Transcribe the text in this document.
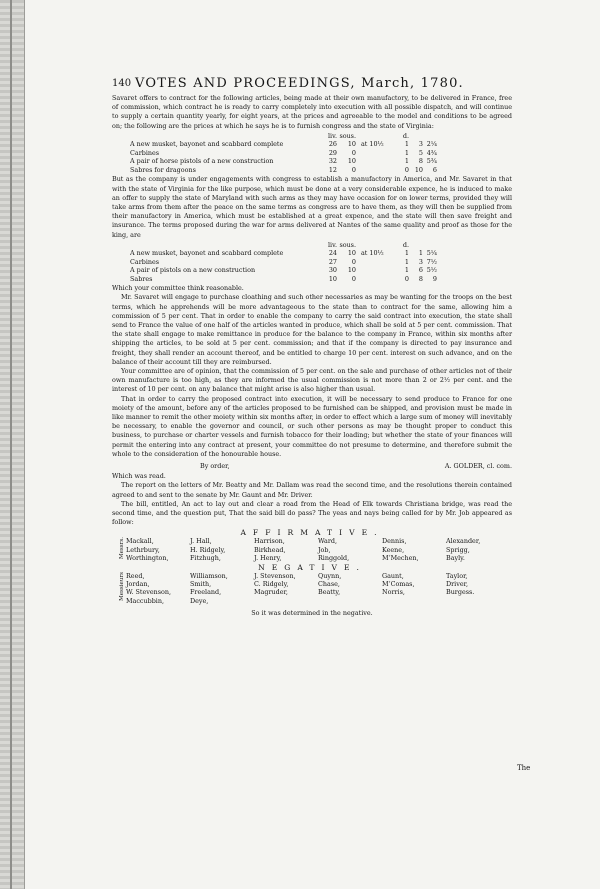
140 VOTES AND PROCEEDINGS, March, 1780.

Savaret offers to contract for the following articles, being made at their own manufactory, to be delivered in France, free of commission, which contract he is ready to carry completely into execution with all possible dispatch, and will continue to supply a certain quantity yearly, for eight years, at the prices and agreeable to the model and conditions to be agreed on; the following are the prices at which he says he is to furnish congress and the state of Virginia:

liv. sous.	d.
A new musket, bayonet and scabbard complete	26	10 at 10½	1	3 2¼
Carbines	29	0	1	5 4¾
A pair of horse pistols of a new construction	32	10	1	8 5¾
Sabres for dragoons	12	0	0 10	6

But as the company is under engagements with congress to establish a manufactory in America, and Mr. Savaret in that with the state of Virginia for the like purpose, which must be done at a very considerable expence, he is induced to make an offer to supply the state of Maryland with such arms as they may have occasion for on lower terms, provided they will take arms from them after the peace on the same terms as congress are to have them, as they will then be supplied from their manufactory in America, which must be established at a great expence, and the state will then save freight and insurance. The terms proposed during the war for arms delivered at Nantes of the same quality and proof as those for the king, are

liv. sous.	d.
A new musket, bayonet and scabbard complete	24	10 at 10½	1	1 5¼
Carbines	27	0	1	3 7½
A pair of pistols on a new construction	30	10	1	6 5½
Sabres	10	0	0	8	9

Which your committee think reasonable.

Mr. Savaret will engage to purchase cloathing and such other necessaries as may be wanting for the troops on the best terms, which he apprehends will be more advantageous to the state than to contract for the same, allowing him a commission of 5 per cent. That in order to enable the company to carry the said contract into execution, the state shall send to France the value of one half of the articles wanted in produce, which shall be sold at 5 per cent. commission. That the state shall engage to make remittance in produce for the balance to the company in France, within six months after shipping the articles, to be sold at 5 per cent. commission; and that if the company is directed to pay insurance and freight, they shall render an account thereof, and be entitled to charge 10 per cent. interest on such advance, and on the balance of their account till they are reimbursed.

Your committee are of opinion, that the commission of 5 per cent. on the sale and purchase of other articles not of their own manufacture is too high, as they are informed the usual commission is not more than 2 or 2½ per cent. and the interest of 10 per cent. on any balance that might arise is also higher than usual.

That in order to carry the proposed contract into execution, it will be necessary to send produce to France for one moiety of the amount, before any of the articles proposed to be furnished can be shipped, and provision must be made in like manner to remit the other moiety within six months after, in order to effect which a large sum of money will inevitably be necessary, to enable the governor and council, or such other persons as may be thought proper to conduct this business, to purchase or charter vessels and furnish tobacco for their loading; but whether the state of your finances will permit the entering into any contract at present, your committee do not presume to determine, and therefore submit the whole to the consideration of the honourable house.

By order,	A. GOLDER, cl. com.

Which was read.

The report on the letters of Mr. Beatty and Mr. Dallam was read the second time, and the resolutions therein contained agreed to and sent to the senate by Mr. Gaunt and Mr. Driver.

The bill, entitled, An act to lay out and clear a road from the Head of Elk towards Christiana bridge, was read the second time, and the question put, That the said bill do pass? The yeas and nays being called for by Mr. Job appeared as follow:

AFFIRMATIVE.
Messrs. Mackall,	J. Hall,	Harrison,	Ward,	Dennis,	Alexander,
Lethrbury,	H. Ridgely,	Birkhead,	Job,	Keene,	Sprigg,
Worthington,	Fitzhugh,	J. Henry,	Ringgold,	M‘Mechen,	Bayly.
NEGATIVE.
Messieurs Reed,	Williamson,	J. Stevenson,	Quynn,	Gaunt,	Taylor,
Jordan,	Smith,	C. Ridgely,	Chase,	M‘Comas,	Driver,
W. Stevenson,	Freeland,	Magruder,	Beatty,	Norris,	Burgess.
Maccubbin,	Deye,				
So it was determined in the negative.
The
